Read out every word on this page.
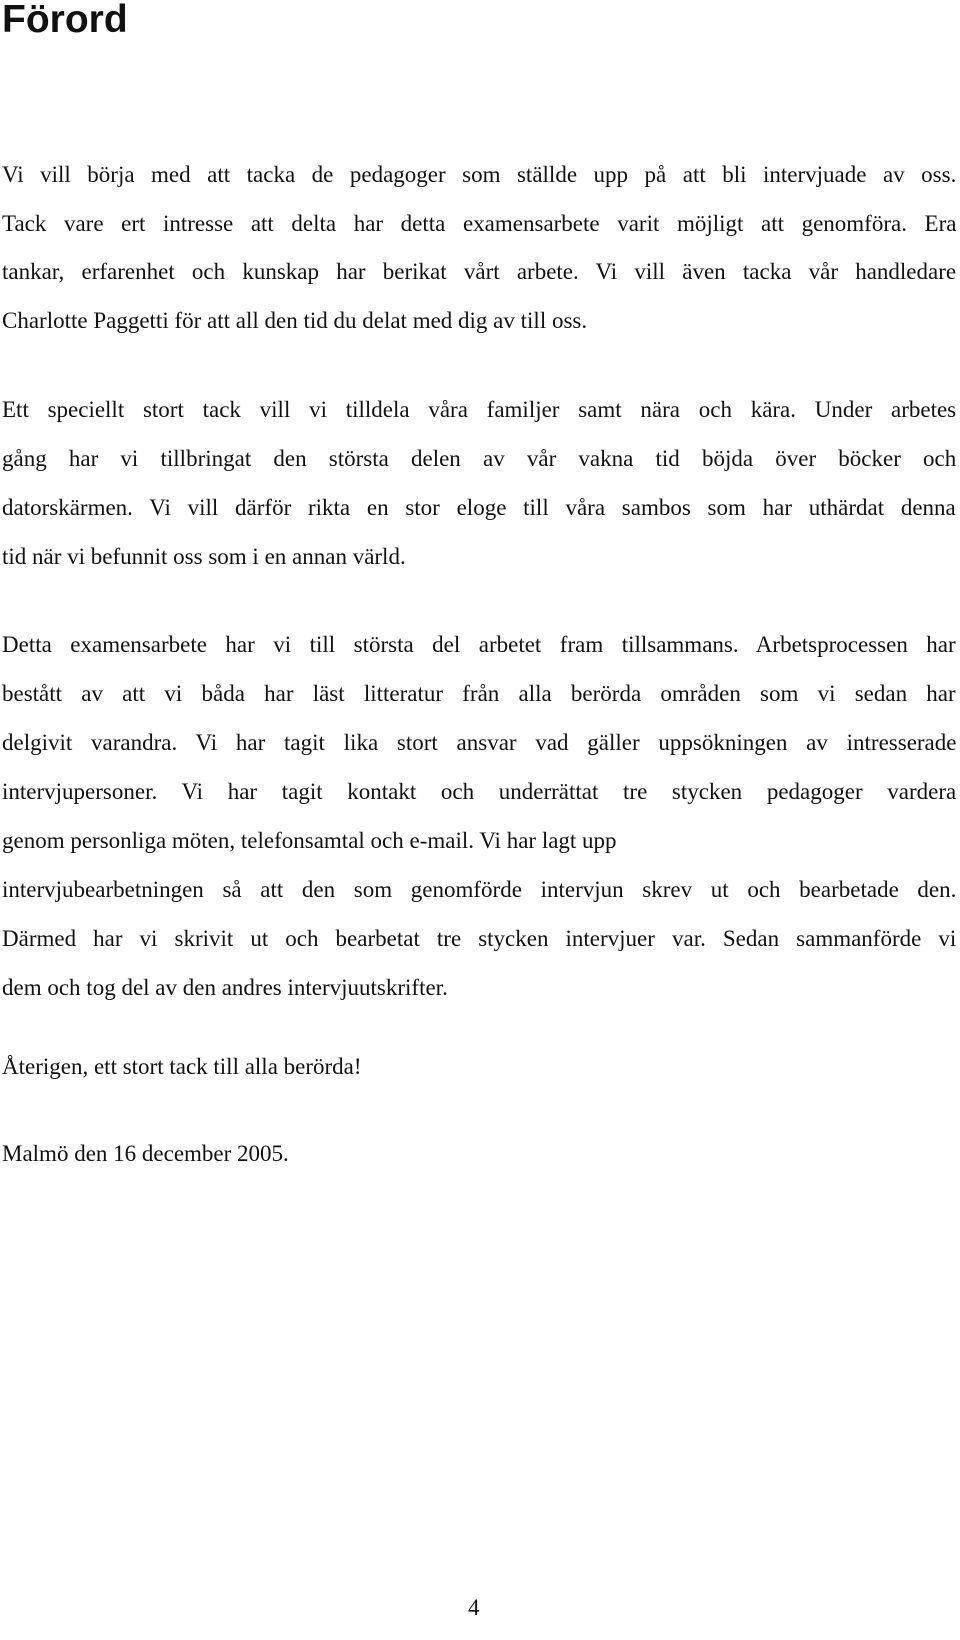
Förord

Vi vill börja med att tacka de pedagoger som ställde upp på att bli intervjuade av oss.
Tack vare ert intresse att delta har detta examensarbete varit möjligt att genomföra. Era
tankar, erfarenhet och kunskap har berikat vårt arbete. Vi vill även tacka vår handledare
Charlotte Paggetti för att all den tid du delat med dig av till oss.

Ett speciellt stort tack vill vi tilldela våra familjer samt nära och kära. Under arbetes
gång har vi tillbringat den största delen av vår vakna tid böjda över böcker och
datorskärmen. Vi vill därför rikta en stor eloge till våra sambos som har uthärdat denna
tid när vi befunnit oss som i en annan värld.

Detta examensarbete har vi till största del arbetet fram tillsammans. Arbetsprocessen har
bestått av att vi båda har läst litteratur från alla berörda områden som vi sedan har
delgivit varandra. Vi har tagit lika stort ansvar vad gäller uppsökningen av intresserade
intervjupersoner. Vi har tagit kontakt och underrättat tre stycken pedagoger vardera
genom personliga möten, telefonsamtal och e-mail. Vi har lagt upp
intervjubearbetningen så att den som genomförde intervjun skrev ut och bearbetade den.
Därmed har vi skrivit ut och bearbetat tre stycken intervjuer var. Sedan sammanförde vi
dem och tog del av den andres intervjuutskrifter.

Återigen, ett stort tack till alla berörda!

Malmö den 16 december 2005.

4
